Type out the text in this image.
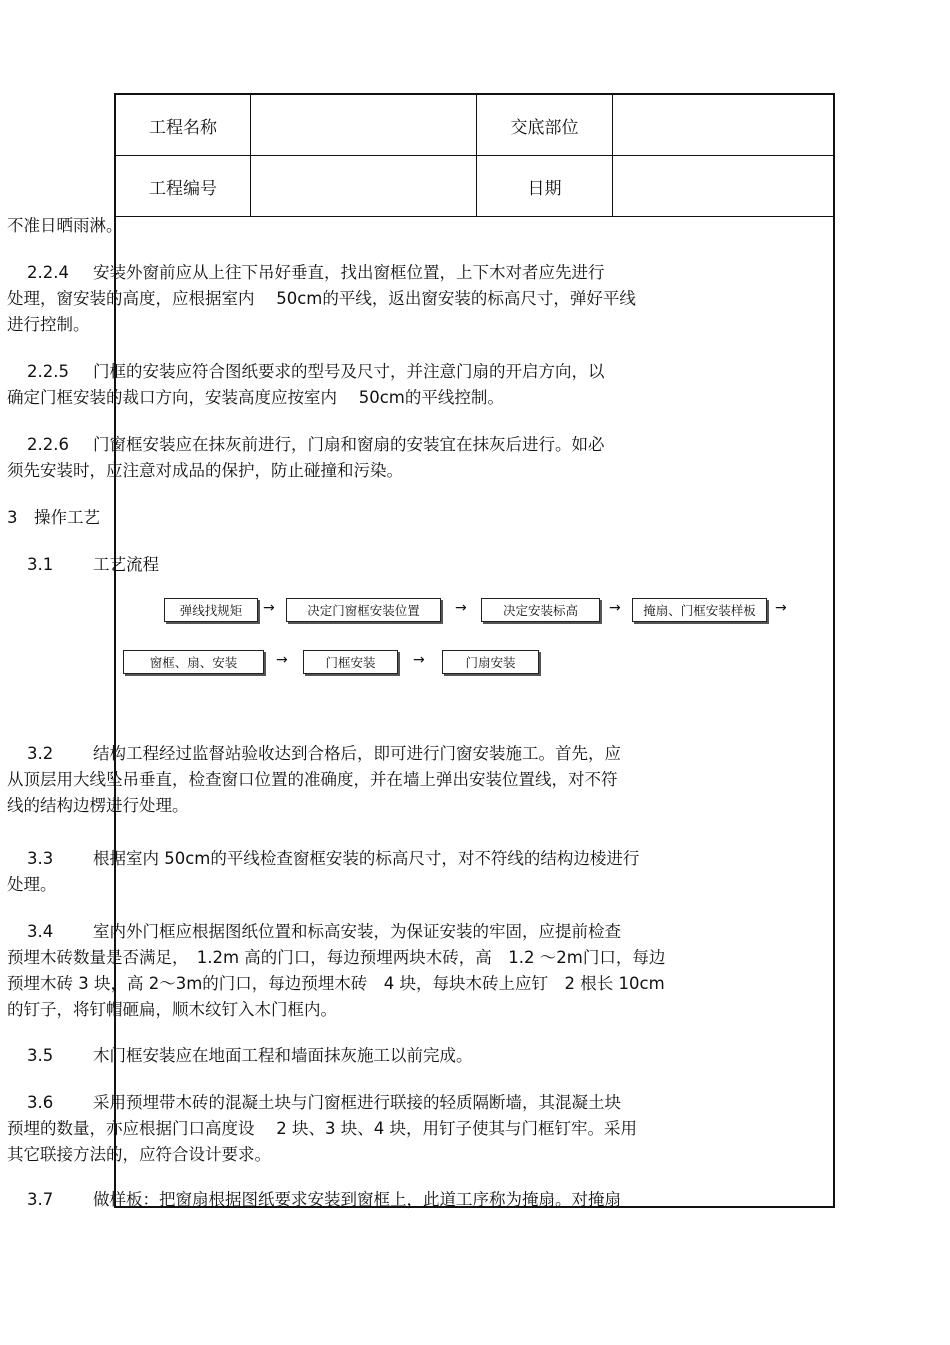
工程名称	交底部位
工程编号	日期
不准日晒雨淋。
2.2.4 安装外窗前应从上往下吊好垂直，找出窗框位置，上下木对者应先进行
处理，窗安装的高度，应根据室内　 50cm的平线，返出窗安装的标高尺寸，弹好平线
进行控制。
2.2.5 门框的安装应符合图纸要求的型号及尺寸，并注意门扇的开启方向，以
确定门框安装的裁口方向，安装高度应按室内　 50cm的平线控制。
2.2.6 门窗框安装应在抹灰前进行，门扇和窗扇的安装宜在抹灰后进行。如必
须先安装时，应注意对成品的保护，防止碰撞和污染。
3　操作工艺
3.1 工艺流程
3.2 结构工程经过监督站验收达到合格后，即可进行门窗安装施工。首先，应
从顶层用大线坠吊垂直，检查窗口位置的准确度，并在墙上弹出安装位置线，对不符
线的结构边楞进行处理。
3.3 根据室内 50cm的平线检查窗框安装的标高尺寸，对不符线的结构边棱进行
处理。
3.4 室内外门框应根据图纸位置和标高安装，为保证安装的牢固，应提前检查
预埋木砖数量是否满足，　1.2m 高的门口，每边预埋两块木砖，高　1.2 ～2m门口，每边
预埋木砖 3 块，高 2～3m的门口，每边预埋木砖　4 块，每块木砖上应钉　2 根长 10cm
的钉子，将钉帽砸扁，顺木纹钉入木门框内。
3.5 木门框安装应在地面工程和墙面抹灰施工以前完成。
3.6 采用预埋带木砖的混凝土块与门窗框进行联接的轻质隔断墙，其混凝土块
预埋的数量，亦应根据门口高度设　 2 块、3 块、4 块，用钉子使其与门框钉牢。采用
其它联接方法的，应符合设计要求。
3.7 做样板：把窗扇根据图纸要求安装到窗框上，此道工序称为掩扇。对掩扇
弹线找规矩	→	决定门窗框安装位置	→	决定安装标高	→	掩扇、门框安装样板	→
窗框、扇、安装	→	门框安装	→	门扇安装
